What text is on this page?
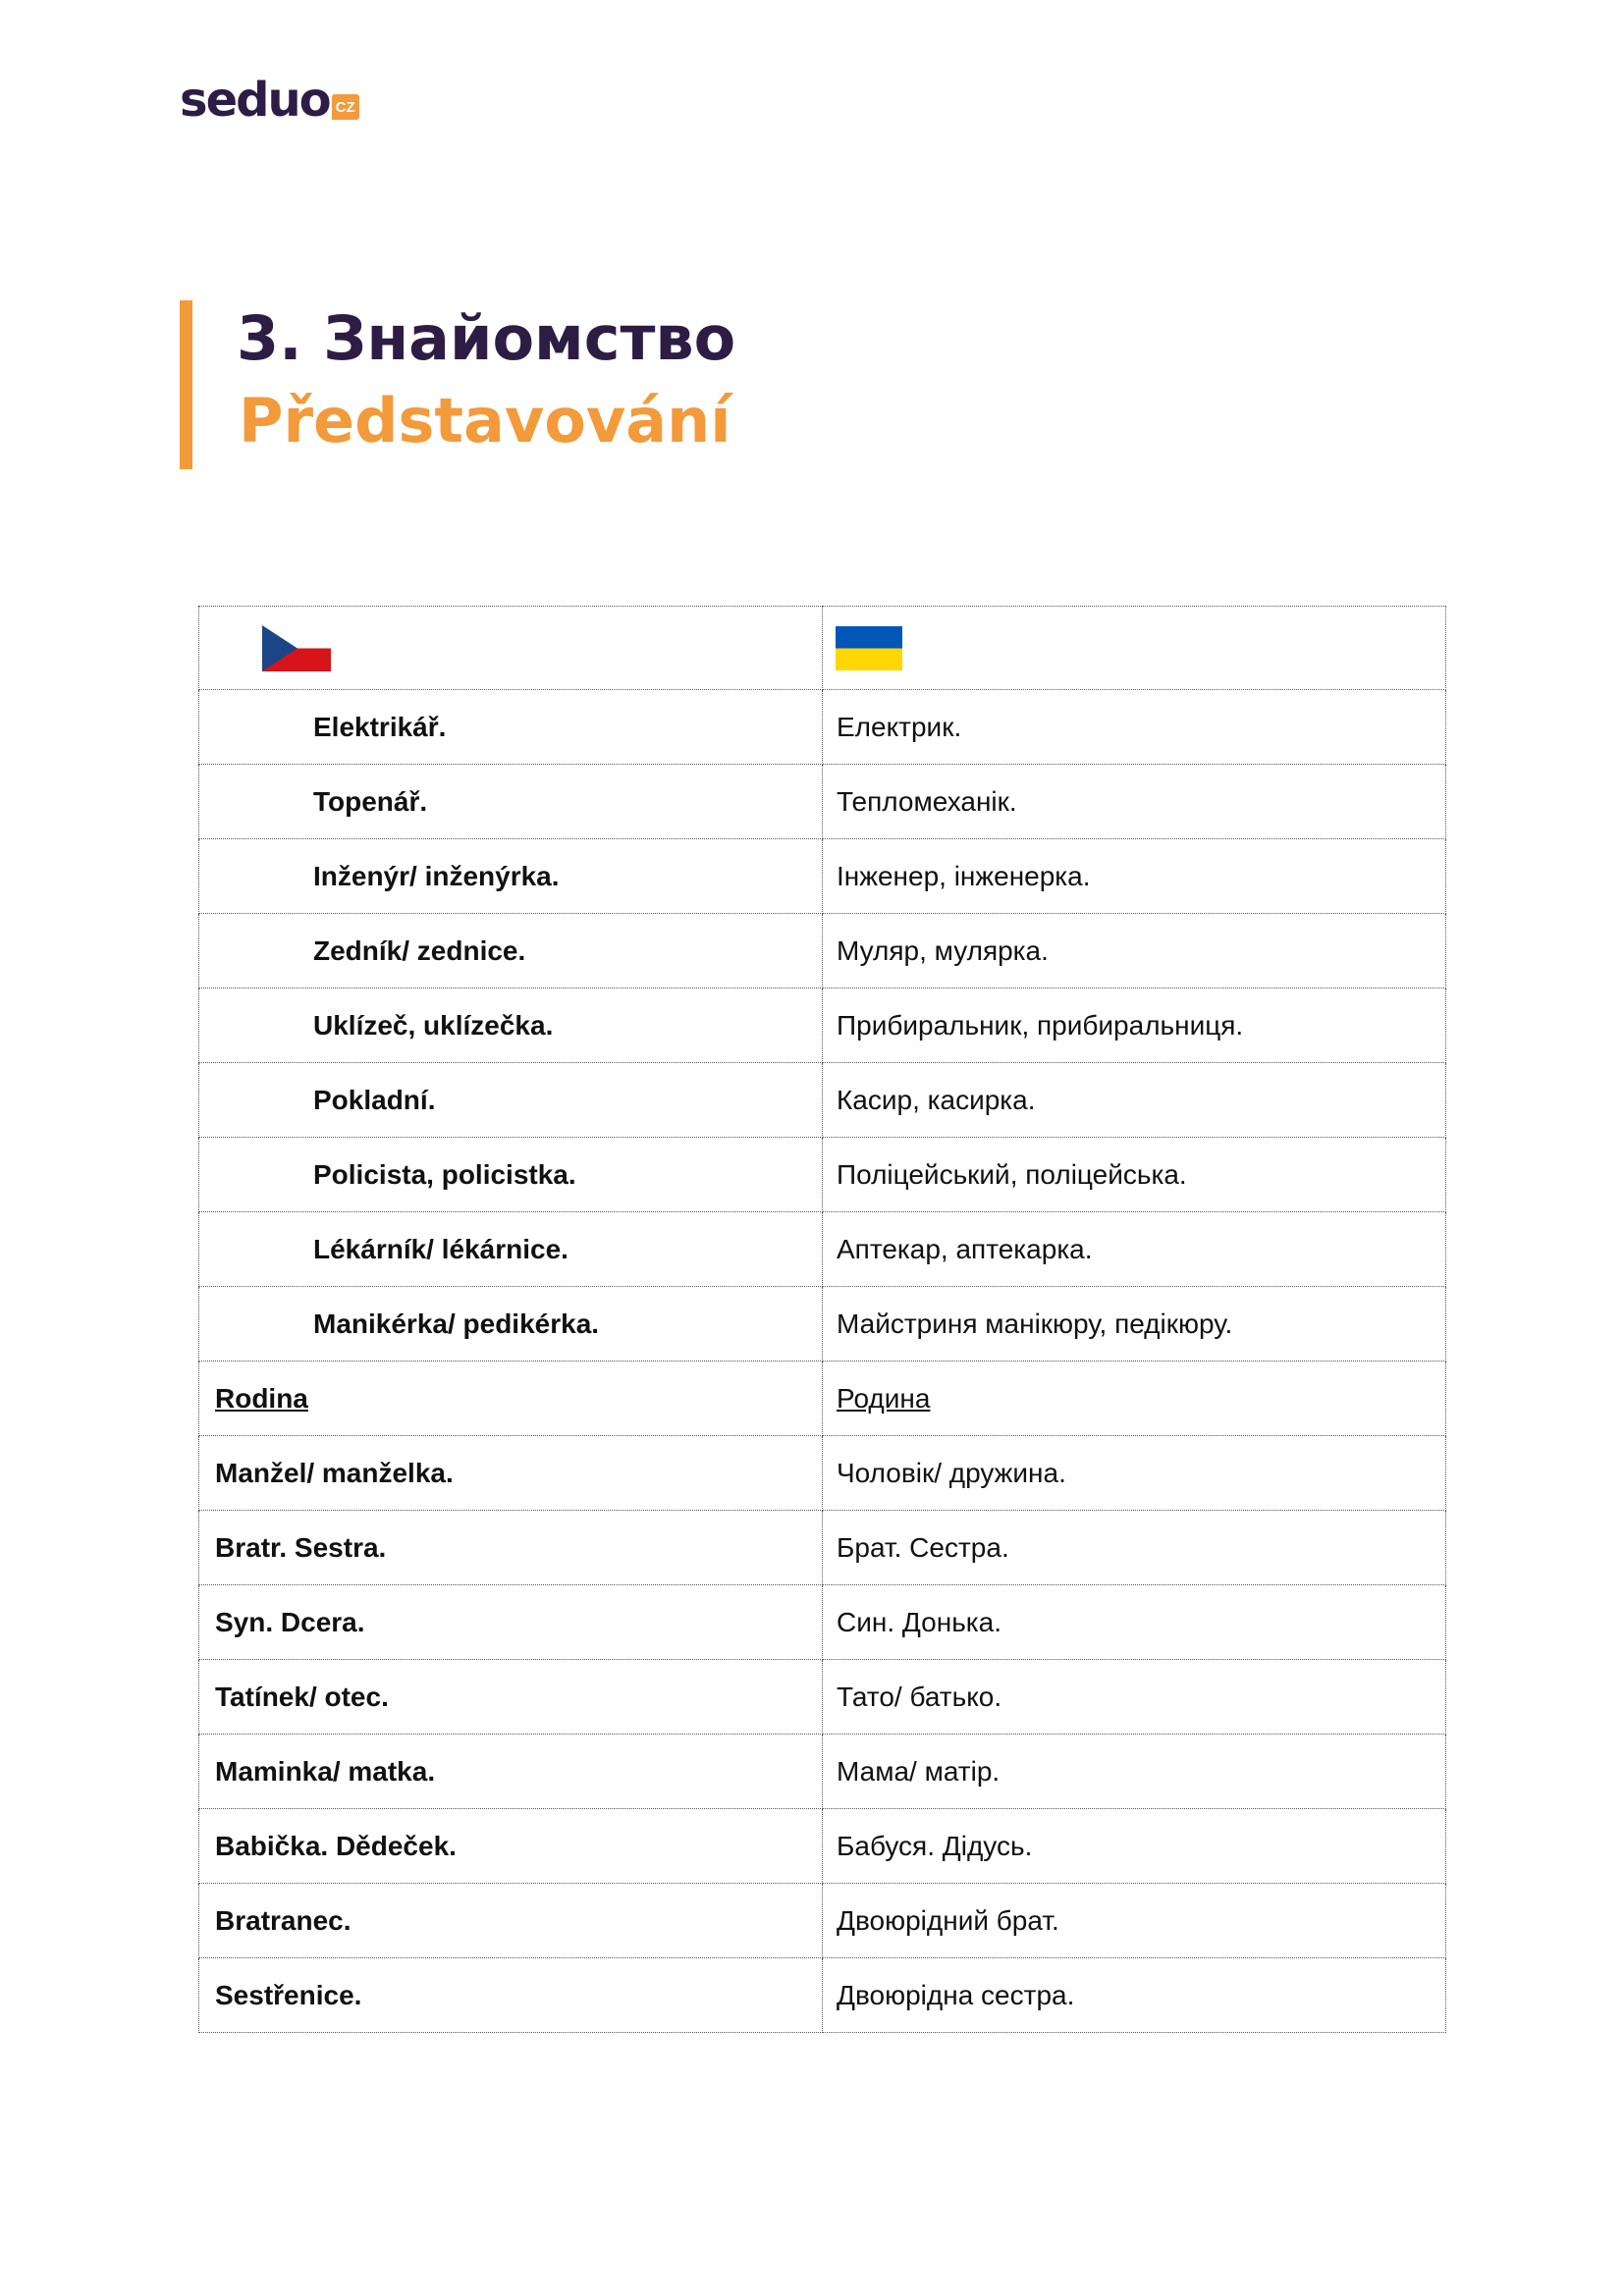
seduo CZ
3. Знайомство
Představování

Elektrikář.	Електрик.
Topenář.	Тепломеханік.
Inženýr/ inženýrka.	Інженер, інженерка.
Zedník/ zednice.	Муляр, мулярка.
Uklízeč, uklízečka.	Прибиральник, прибиральниця.
Pokladní.	Касир, касирка.
Policista, policistka.	Поліцейський, поліцейська.
Lékárník/ lékárnice.	Аптекар, аптекарка.
Manikérka/ pedikérka.	Майстриня манікюру, педікюру.
Rodina	Родина
Manžel/ manželka.	Чоловік/ дружина.
Bratr. Sestra.	Брат. Сестра.
Syn. Dcera.	Син. Донька.
Tatínek/ otec.	Тато/ батько.
Maminka/ matka.	Мама/ матір.
Babička. Dědeček.	Бабуся. Дідусь.
Bratranec.	Двоюрідний брат.
Sestřenice.	Двоюрідна сестра.
